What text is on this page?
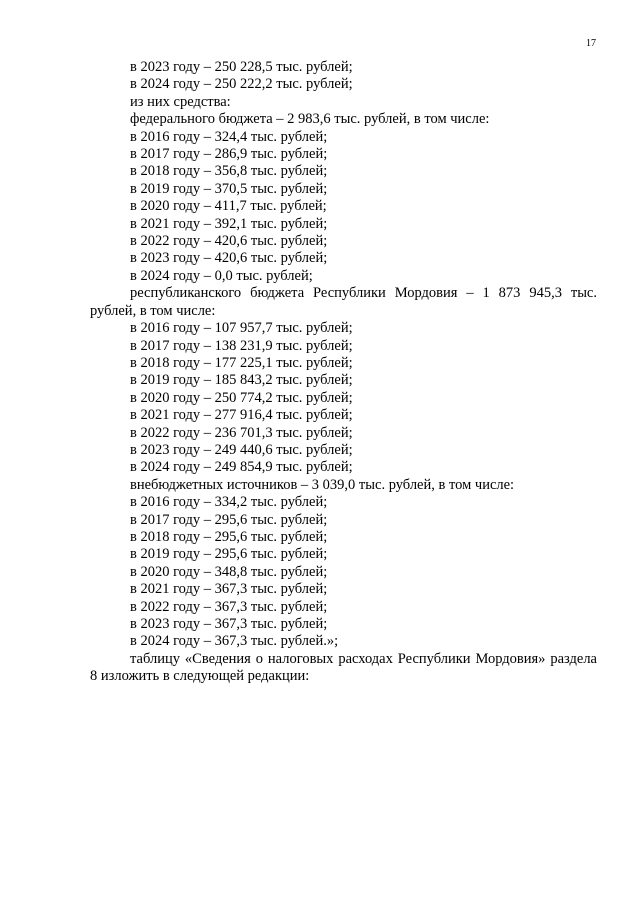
17
в 2023 году – 250 228,5 тыс. рублей;
в 2024 году – 250 222,2 тыс. рублей;
из них средства:
федерального бюджета – 2 983,6 тыс. рублей, в том числе:
в 2016 году – 324,4 тыс. рублей;
в 2017 году – 286,9 тыс. рублей;
в 2018 году – 356,8 тыс. рублей;
в 2019 году – 370,5 тыс. рублей;
в 2020 году – 411,7 тыс. рублей;
в 2021 году – 392,1 тыс. рублей;
в 2022 году – 420,6 тыс. рублей;
в 2023 году – 420,6 тыс. рублей;
в 2024 году – 0,0 тыс. рублей;
республиканского бюджета Республики Мордовия – 1 873 945,3 тыс. рублей, в том числе:
в 2016 году – 107 957,7 тыс. рублей;
в 2017 году – 138 231,9 тыс. рублей;
в 2018 году – 177 225,1 тыс. рублей;
в 2019 году – 185 843,2 тыс. рублей;
в 2020 году – 250 774,2 тыс. рублей;
в 2021 году – 277 916,4 тыс. рублей;
в 2022 году – 236 701,3 тыс. рублей;
в 2023 году – 249 440,6 тыс. рублей;
в 2024 году – 249 854,9 тыс. рублей;
внебюджетных источников – 3 039,0 тыс. рублей, в том числе:
в 2016 году – 334,2 тыс. рублей;
в 2017 году – 295,6 тыс. рублей;
в 2018 году – 295,6 тыс. рублей;
в 2019 году – 295,6 тыс. рублей;
в 2020 году – 348,8 тыс. рублей;
в 2021 году – 367,3 тыс. рублей;
в 2022 году – 367,3 тыс. рублей;
в 2023 году – 367,3 тыс. рублей;
в 2024 году – 367,3 тыс. рублей.»;
таблицу «Сведения о налоговых расходах Республики Мордовия» раздела 8 изложить в следующей редакции:
